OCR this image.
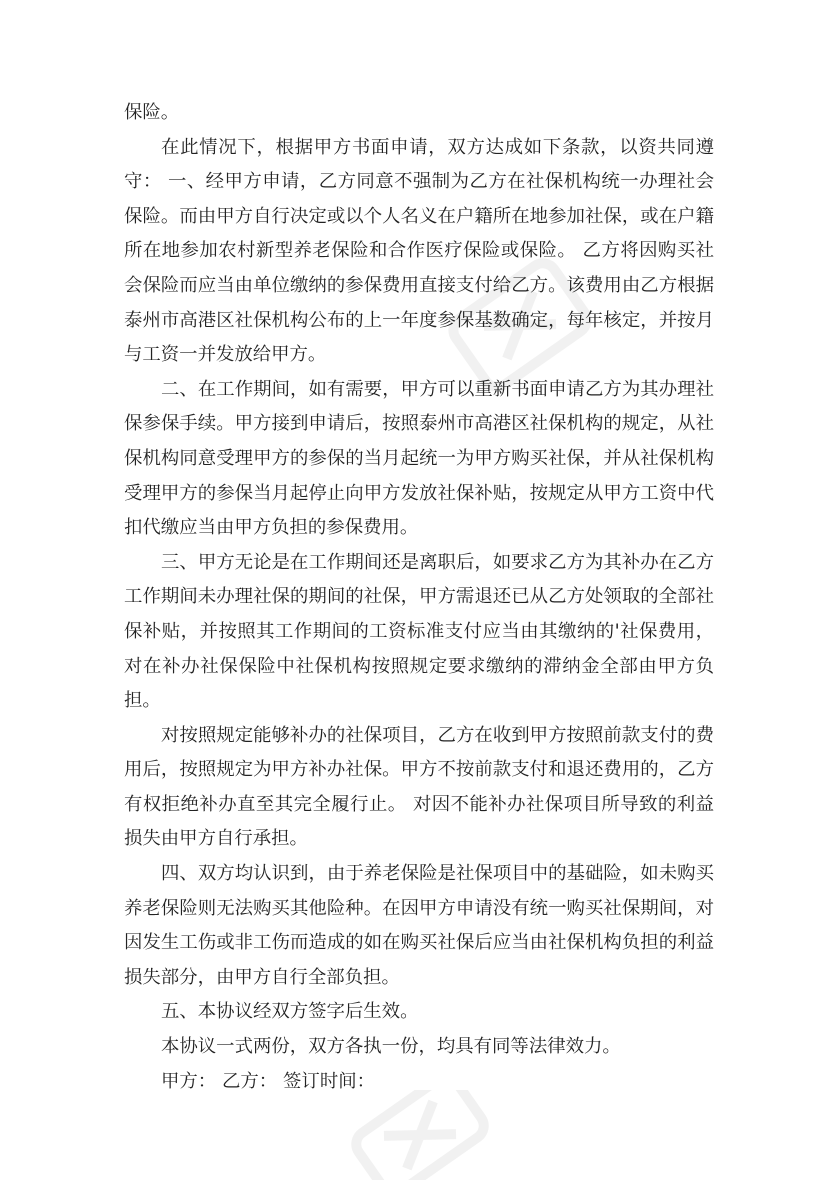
保险。

在此情况下，根据甲方书面申请，双方达成如下条款，以资共同遵守： 一、经甲方申请，乙方同意不强制为乙方在社保机构统一办理社会保险。而由甲方自行决定或以个人名义在户籍所在地参加社保，或在户籍所在地参加农村新型养老保险和合作医疗保险或保险。 乙方将因购买社会保险而应当由单位缴纳的参保费用直接支付给乙方。该费用由乙方根据泰州市高港区社保机构公布的上一年度参保基数确定，每年核定，并按月与工资一并发放给甲方。

二、在工作期间，如有需要，甲方可以重新书面申请乙方为其办理社保参保手续。甲方接到申请后，按照泰州市高港区社保机构的规定，从社保机构同意受理甲方的参保的当月起统一为甲方购买社保，并从社保机构受理甲方的参保当月起停止向甲方发放社保补贴，按规定从甲方工资中代扣代缴应当由甲方负担的参保费用。

三、甲方无论是在工作期间还是离职后，如要求乙方为其补办在乙方工作期间未办理社保的期间的社保，甲方需退还已从乙方处领取的全部社保补贴，并按照其工作期间的工资标准支付应当由其缴纳的'社保费用，对在补办社保保险中社保机构按照规定要求缴纳的滞纳金全部由甲方负担。

对按照规定能够补办的社保项目，乙方在收到甲方按照前款支付的费用后，按照规定为甲方补办社保。甲方不按前款支付和退还费用的，乙方有权拒绝补办直至其完全履行止。 对因不能补办社保项目所导致的利益损失由甲方自行承担。

四、双方均认识到，由于养老保险是社保项目中的基础险，如未购买养老保险则无法购买其他险种。在因甲方申请没有统一购买社保期间，对因发生工伤或非工伤而造成的如在购买社保后应当由社保机构负担的利益损失部分，由甲方自行全部负担。

五、本协议经双方签字后生效。

本协议一式两份，双方各执一份，均具有同等法律效力。

甲方： 乙方： 签订时间：
